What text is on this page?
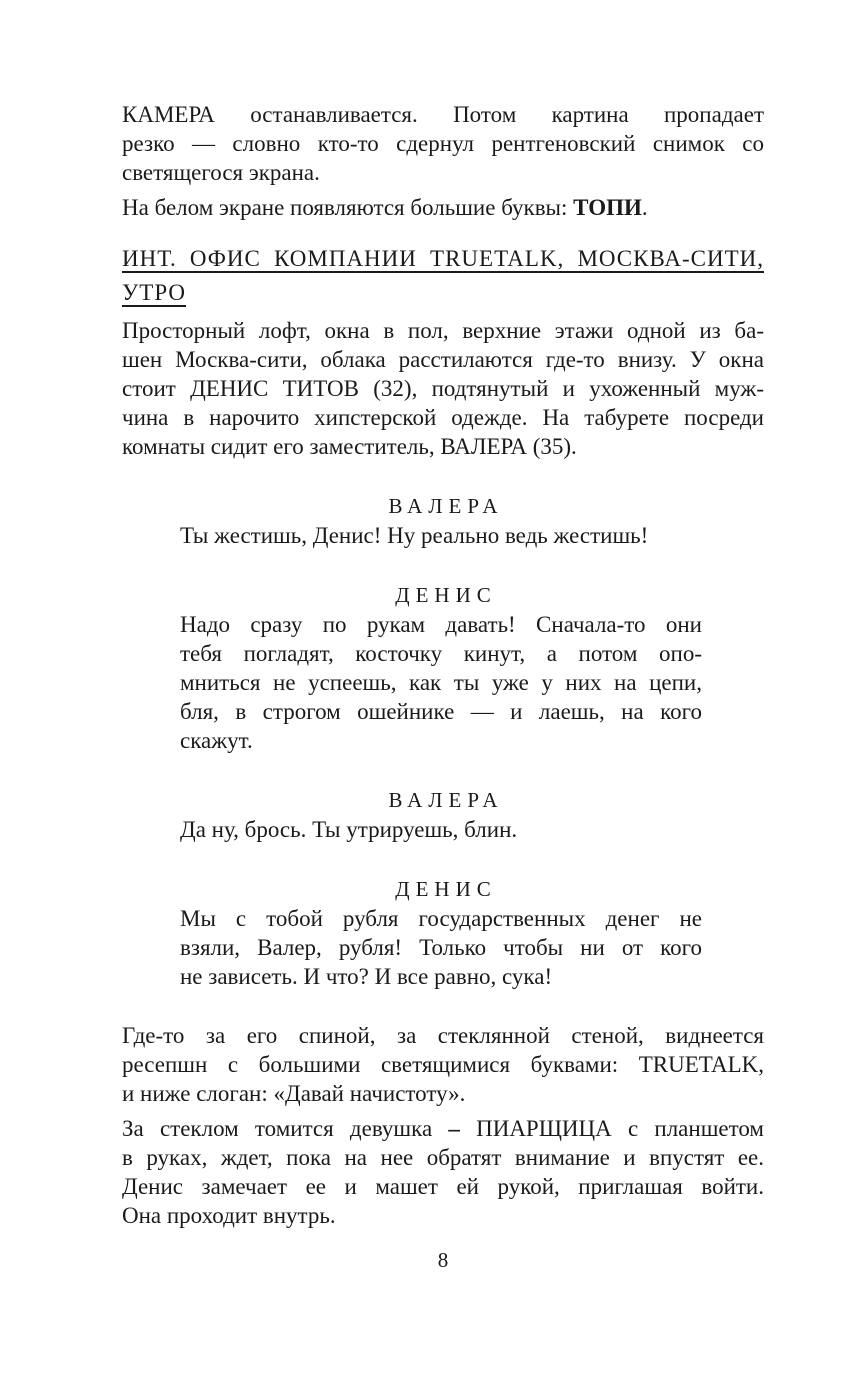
КАМЕРА останавливается. Потом картина пропадает
резко — словно кто-то сдернул рентгеновский снимок со
светящегося экрана.
На белом экране появляются большие буквы: ТОПИ.
ИНТ. ОФИС КОМПАНИИ TRUETALK, МОСКВА-СИТИ,
УТРО
Просторный лофт, окна в пол, верхние этажи одной из ба-
шен Москва-сити, облака расстилаются где-то внизу. У окна
стоит ДЕНИС ТИТОВ (32), подтянутый и ухоженный муж-
чина в нарочито хипстерской одежде. На табурете посреди
комнаты сидит его заместитель, ВАЛЕРА (35).
ВАЛЕРА
Ты жестишь, Денис! Ну реально ведь жестишь!
ДЕНИС
Надо сразу по рукам давать! Сначала-то они
тебя погладят, косточку кинут, а потом опо-
мниться не успеешь, как ты уже у них на цепи,
бля, в строгом ошейнике — и лаешь, на кого
скажут.
ВАЛЕРА
Да ну, брось. Ты утрируешь, блин.
ДЕНИС
Мы с тобой рубля государственных денег не
взяли, Валер, рубля! Только чтобы ни от кого
не зависеть. И что? И все равно, сука!
Где-то за его спиной, за стеклянной стеной, виднеется
ресепшн с большими светящимися буквами: TRUETALK,
и ниже слоган: «Давай начистоту».
За стеклом томится девушка – ПИАРЩИЦА с планшетом
в руках, ждет, пока на нее обратят внимание и впустят ее.
Денис замечает ее и машет ей рукой, приглашая войти.
Она проходит внутрь.
8
